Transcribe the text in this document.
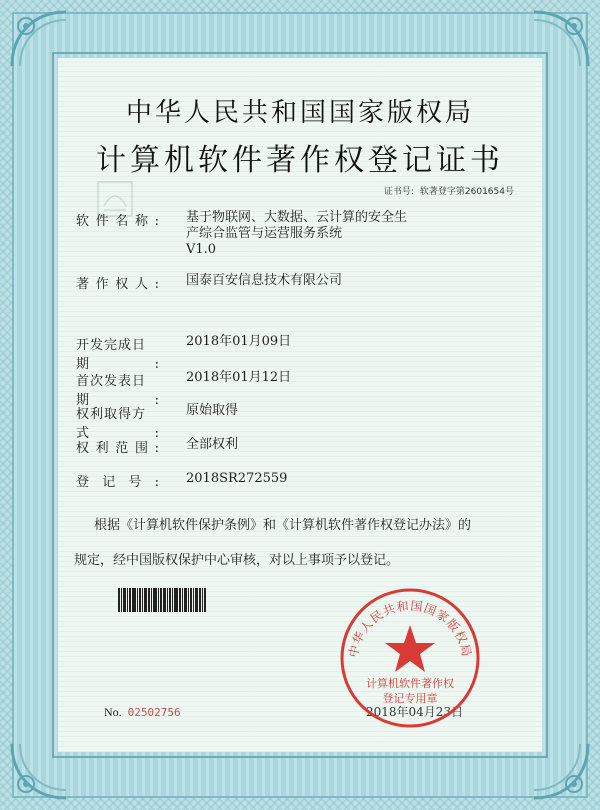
中华人民共和国国家版权局
计算机软件著作权登记证书
证书号: 软著登字第2601654号
软件名称: 基于物联网、大数据、云计算的安全生
产综合监管与运营服务系统
V1.0
著作权人: 国泰百安信息技术有限公司
开发完成日期:
2018年01月09日
首次发表日期:
2018年01月12日
权利取得方式:
原始取得
权利范围: 全部权利
登记号: 2018SR272559
根据《计算机软件保护条例》和《计算机软件著作权登记办法》的
规定，经中国版权保护中心审核，对以上事项予以登记。
No. 02502756	2018年04月23日
中华人民共和国国家版权局
计算机软件著作权
登记专用章
